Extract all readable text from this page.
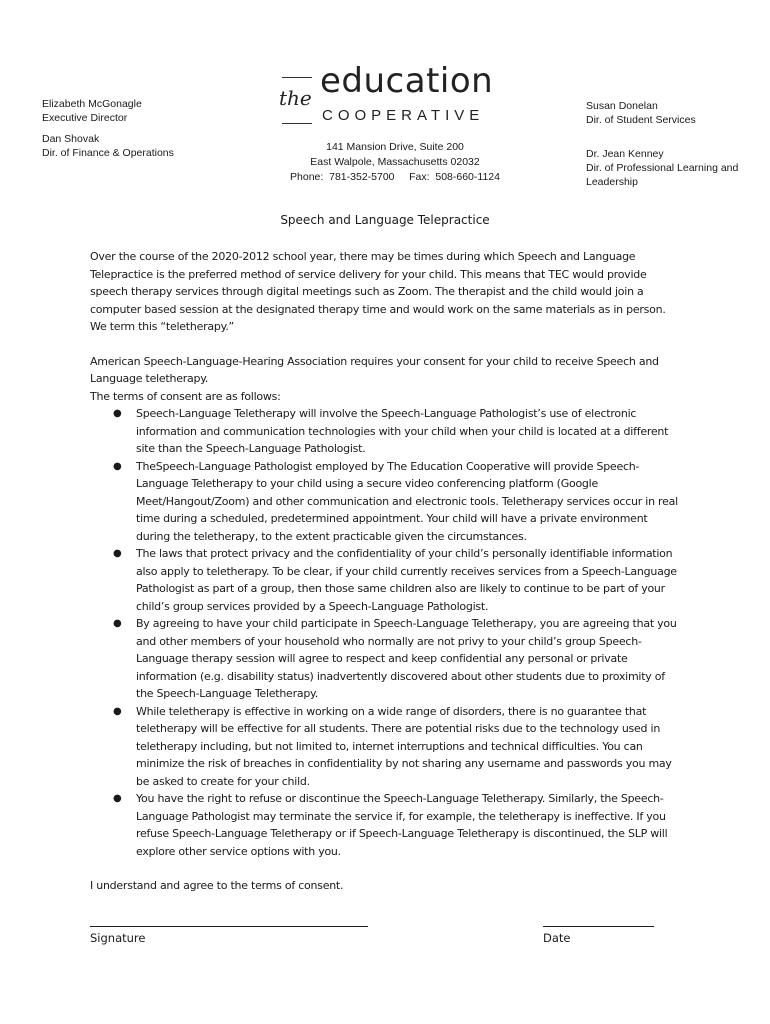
Elizabeth McGonagle
Executive Director
Dan Shovak
Dir. of Finance & Operations
the education
COOPERATIVE
141 Mansion Drive, Suite 200
East Walpole, Massachusetts 02032
Phone:  781-352-5700     Fax:  508-660-1124
Susan Donelan
Dir. of Student Services
Dr. Jean Kenney
Dir. of Professional Learning and Leadership
Speech and Language Telepractice

Over the course of the 2020-2012 school year, there may be times during which Speech and Language Telepractice is the preferred method of service delivery for your child. This means that TEC would provide speech therapy services through digital meetings such as Zoom. The therapist and the child would join a computer based session at the designated therapy time and would work on the same materials as in person. We term this “teletherapy.”

American Speech-Language-Hearing Association requires your consent for your child to receive Speech and Language teletherapy.

The terms of consent are as follows:

● Speech-Language Teletherapy will involve the Speech-Language Pathologist’s use of electronic information and communication technologies with your child when your child is located at a different site than the Speech-Language Pathologist.
● TheSpeech-Language Pathologist employed by The Education Cooperative will provide Speech-Language Teletherapy to your child using a secure video conferencing platform (Google Meet/Hangout/Zoom) and other communication and electronic tools. Teletherapy services occur in real time during a scheduled, predetermined appointment. Your child will have a private environment during the teletherapy, to the extent practicable given the circumstances.
● The laws that protect privacy and the confidentiality of your child’s personally identifiable information also apply to teletherapy. To be clear, if your child currently receives services from a Speech-Language Pathologist as part of a group, then those same children also are likely to continue to be part of your child’s group services provided by a Speech-Language Pathologist.
● By agreeing to have your child participate in Speech-Language Teletherapy, you are agreeing that you and other members of your household who normally are not privy to your child’s group Speech-Language therapy session will agree to respect and keep confidential any personal or private information (e.g. disability status) inadvertently discovered about other students due to proximity of the Speech-Language Teletherapy.
● While teletherapy is effective in working on a wide range of disorders, there is no guarantee that teletherapy will be effective for all students. There are potential risks due to the technology used in teletherapy including, but not limited to, internet interruptions and technical difficulties. You can minimize the risk of breaches in confidentiality by not sharing any username and passwords you may be asked to create for your child.
● You have the right to refuse or discontinue the Speech-Language Teletherapy. Similarly, the Speech-Language Pathologist may terminate the service if, for example, the teletherapy is ineffective. If you refuse Speech-Language Teletherapy or if Speech-Language Teletherapy is discontinued, the SLP will explore other service options with you.

I understand and agree to the terms of consent.

Signature	Date
